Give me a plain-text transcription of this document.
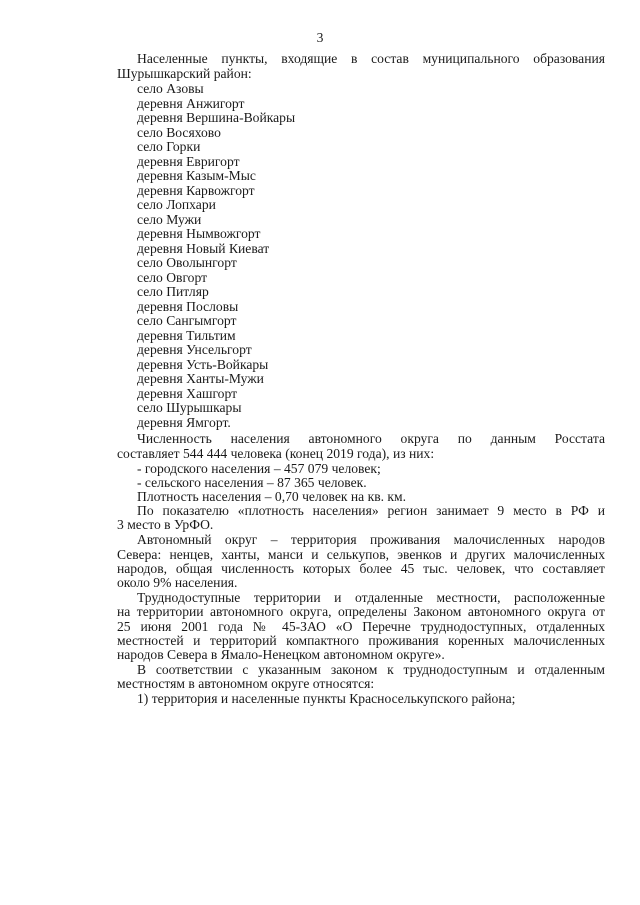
3
Населенные пункты, входящие в состав муниципального образования
Шурышкарский район:
село Азовы
деревня Анжигорт
деревня Вершина-Войкары
село Восяхово
село Горки
деревня Евригорт
деревня Казым-Мыс
деревня Карвожгорт
село Лопхари
село Мужи
деревня Нымвожгорт
деревня Новый Киеват
село Оволынгорт
село Овгорт
село Питляр
деревня Пословы
село Сангымгорт
деревня Тильтим
деревня Унсельгорт
деревня Усть-Войкары
деревня Ханты-Мужи
деревня Хашгорт
село Шурышкары
деревня Ямгорт.
Численность населения автономного округа по данным Росстата
составляет 544 444 человека (конец 2019 года), из них:
- городского населения – 457 079 человек;
- сельского населения – 87 365 человек.
Плотность населения – 0,70 человек на кв. км.
По показателю «плотность населения» регион занимает 9 место в РФ и
3 место в УрФО.
Автономный округ – территория проживания малочисленных народов
Севера: ненцев, ханты, манси и селькупов, эвенков и других малочисленных
народов, общая численность которых более 45 тыс. человек, что составляет
около 9% населения.
Труднодоступные территории и отдаленные местности, расположенные
на территории автономного округа, определены Законом автономного округа от
25 июня 2001 года № 45-ЗАО «О Перечне труднодоступных, отдаленных
местностей и территорий компактного проживания коренных малочисленных
народов Севера в Ямало-Ненецком автономном округе».
В соответствии с указанным законом к труднодоступным и отдаленным
местностям в автономном округе относятся:
1) территория и населенные пункты Красноселькупского района;
